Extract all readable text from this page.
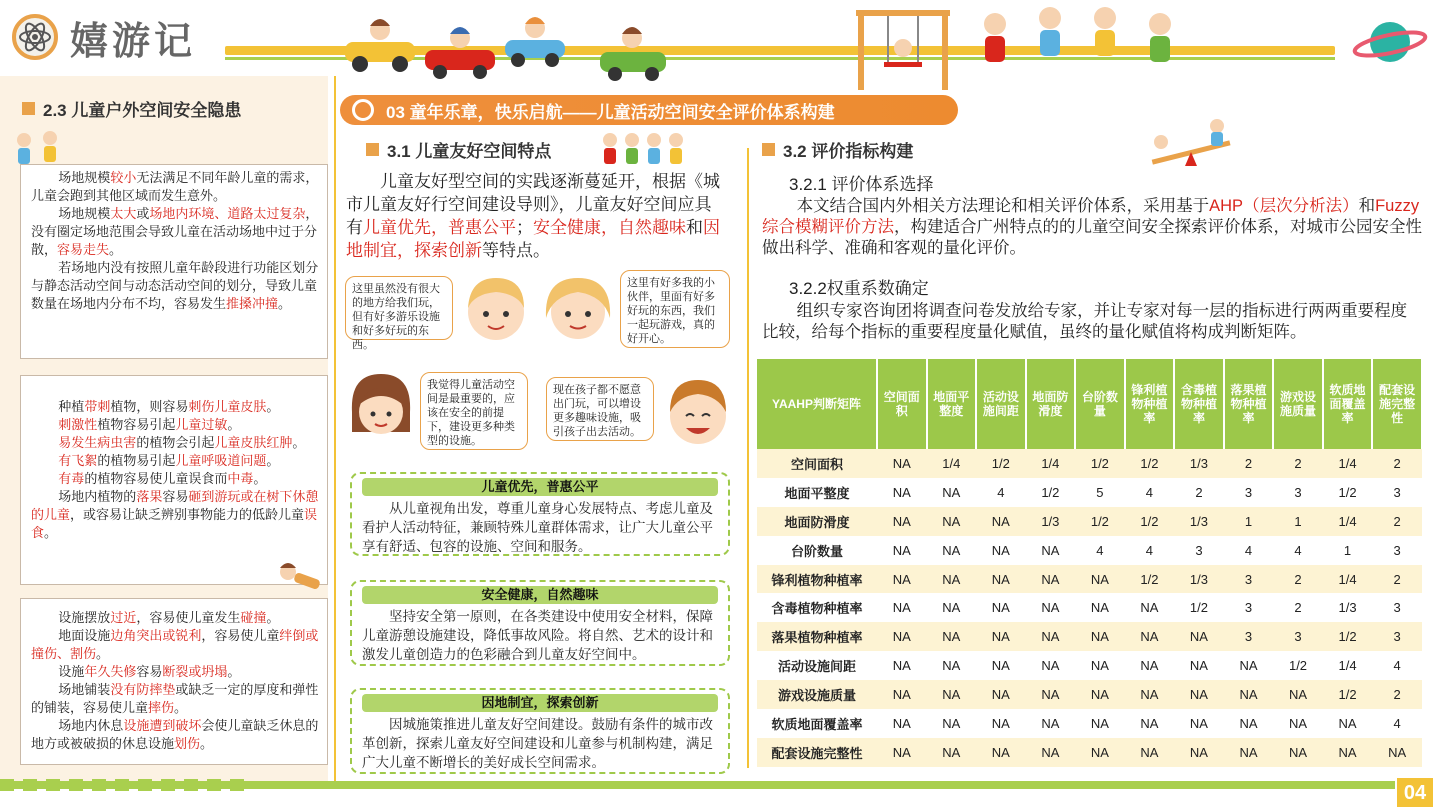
嬉游记
2.3 儿童户外空间安全隐患

场地规模较小无法满足不同年龄儿童的需求，儿童会跑到其他区域而发生意外。

场地规模太大或场地内环境、道路太过复杂，没有圈定场地范围会导致儿童在活动场地中过于分散，容易走失。

若场地内没有按照儿童年龄段进行功能区划分与静态活动空间与动态活动空间的划分，导致儿童数量在场地内分布不均，容易发生推搡冲撞。

种植带刺植物，则容易刺伤儿童皮肤。

刺激性植物容易引起儿童过敏。

易发生病虫害的植物会引起儿童皮肤红肿。

有飞絮的植物易引起儿童呼吸道问题。

有毒的植物容易使儿童误食而中毒。

场地内植物的落果容易砸到游玩或在树下休憩的儿童，或容易让缺乏辨别事物能力的低龄儿童误食。

设施摆放过近，容易使儿童发生碰撞。

地面设施边角突出或锐利，容易使儿童绊倒或撞伤、割伤。

设施年久失修容易断裂或坍塌。

场地铺装没有防摔垫或缺乏一定的厚度和弹性的铺装，容易使儿童摔伤。

场地内休息设施遭到破坏会使儿童缺乏休息的地方或被破损的休息设施划伤。

03 童年乐章，快乐启航——儿童活动空间安全评价体系构建
3.1 儿童友好空间特点

儿童友好型空间的实践逐渐蔓延开，根据《城市儿童友好行空间建设导则》，儿童友好空间应具有儿童优先，普惠公平；安全健康，自然趣味和因地制宜，探索创新等特点。

这里虽然没有很大的地方给我们玩，但有好多游乐设施和好多好玩的东西。
这里有好多我的小伙伴，里面有好多好玩的东西，我们一起玩游戏，真的好开心。
我觉得儿童活动空间是最重要的，应该在安全的前提下，建设更多种类型的设施。
现在孩子都不愿意出门玩，可以增设更多趣味设施，吸引孩子出去活动。
儿童优先，普惠公平
从儿童视角出发，尊重儿童身心发展特点、考虑儿童及看护人活动特征，兼顾特殊儿童群体需求，让广大儿童公平享有舒适、包容的设施、空间和服务。
安全健康，自然趣味
坚持安全第一原则，在各类建设中使用安全材料，保障儿童游憩设施建设，降低事故风险。将自然、艺术的设计和激发儿童创造力的色彩融合到儿童友好空间中。
因地制宜，探索创新
因城施策推进儿童友好空间建设。鼓励有条件的城市改革创新，探索儿童友好空间建设和儿童参与机制构建，满足广大儿童不断增长的美好成长空间需求。
3.2 评价指标构建
3.2.1 评价体系选择
本文结合国内外相关方法理论和相关评价体系，采用基于AHP（层次分析法）和Fuzzy 综合模糊评价方法，构建适合广州特点的的儿童空间安全探索评价体系，对城市公园安全性做出科学、准确和客观的量化评价。
3.2.2权重系数确定
组织专家咨询团将调查问卷发放给专家，并让专家对每一层的指标进行两两重要程度比较，给每个指标的重要程度量化赋值，虽终的量化赋值将构成判断矩阵。
YAAHP判断矩阵	空间面积	地面平整度	活动设施间距	地面防滑度	台阶数量	锋利植物种植率	含毒植物种植率	落果植物种植率	游戏设施质量	软质地面覆盖率	配套设施完整性
空间面积	NA	1/4	1/2	1/4	1/2	1/2	1/3	2	2	1/4	2
地面平整度	NA	NA	4	1/2	5	4	2	3	3	1/2	3
地面防滑度	NA	NA	NA	1/3	1/2	1/2	1/3	1	1	1/4	2
台阶数量	NA	NA	NA	NA	4	4	3	4	4	1	3
锋利植物种植率	NA	NA	NA	NA	NA	1/2	1/3	3	2	1/4	2
含毒植物种植率	NA	NA	NA	NA	NA	NA	1/2	3	2	1/3	3
落果植物种植率	NA	NA	NA	NA	NA	NA	NA	3	3	1/2	3
活动设施间距	NA	NA	NA	NA	NA	NA	NA	NA	1/2	1/4	4
游戏设施质量	NA	NA	NA	NA	NA	NA	NA	NA	NA	1/2	2
软质地面覆盖率	NA	NA	NA	NA	NA	NA	NA	NA	NA	NA	4
配套设施完整性	NA	NA	NA	NA	NA	NA	NA	NA	NA	NA	NA
04
